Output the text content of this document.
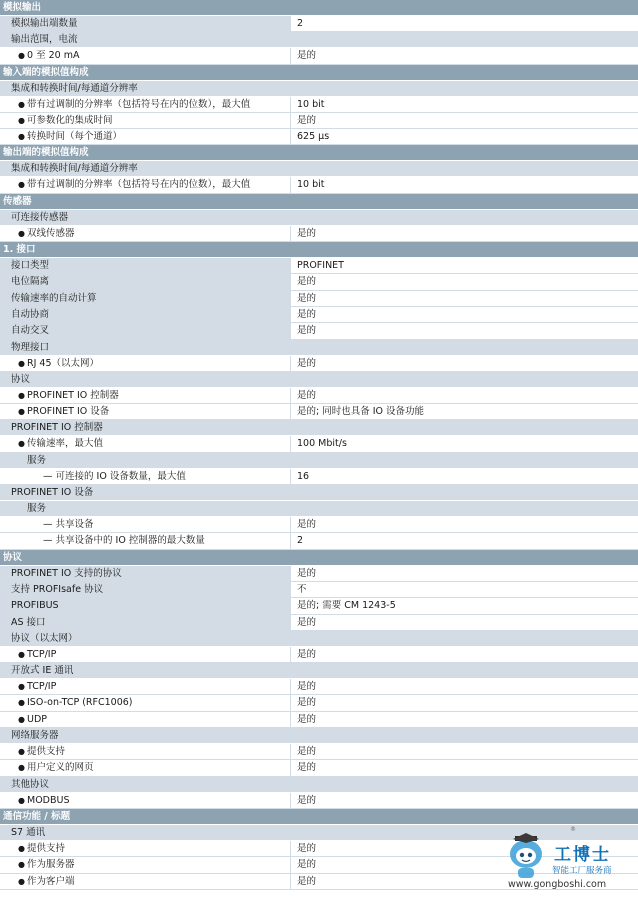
模拟输出
模拟输出端数量	2
输出范围，电流
● 0 至 20 mA	是的
输入端的模拟值构成
集成和转换时间/每通道分辨率
● 带有过调制的分辨率（包括符号在内的位数），最大值	10 bit
● 可参数化的集成时间	是的
● 转换时间（每个通道）	625 µs
输出端的模拟值构成
集成和转换时间/每通道分辨率
● 带有过调制的分辨率（包括符号在内的位数），最大值	10 bit
传感器
可连接传感器
● 双线传感器	是的
1. 接口
接口类型	PROFINET
电位隔离	是的
传输速率的自动计算	是的
自动协商	是的
自动交叉	是的
物理接口
● RJ 45（以太网）	是的
协议
● PROFINET IO 控制器	是的
● PROFINET IO 设备	是的; 同时也具备 IO 设备功能
PROFINET IO 控制器
● 传输速率，最大值	100 Mbit/s
服务
— 可连接的 IO 设备数量，最大值	16
PROFINET IO 设备
服务
— 共享设备	是的
— 共享设备中的 IO 控制器的最大数量	2
协议
PROFINET IO 支持的协议	是的
支持 PROFIsafe 协议	不
PROFIBUS	是的; 需要 CM 1243-5
AS 接口	是的
协议（以太网）
● TCP/IP	是的
开放式 IE 通讯
● TCP/IP	是的
● ISO-on-TCP (RFC1006)	是的
● UDP	是的
网络服务器
● 提供支持	是的
● 用户定义的网页	是的
其他协议
● MODBUS	是的
通信功能 / 标题
S7 通讯
● 提供支持	是的
● 作为服务器	是的
● 作为客户端	是的
®
工博士
智能工厂服务商
www.gongboshi.com
